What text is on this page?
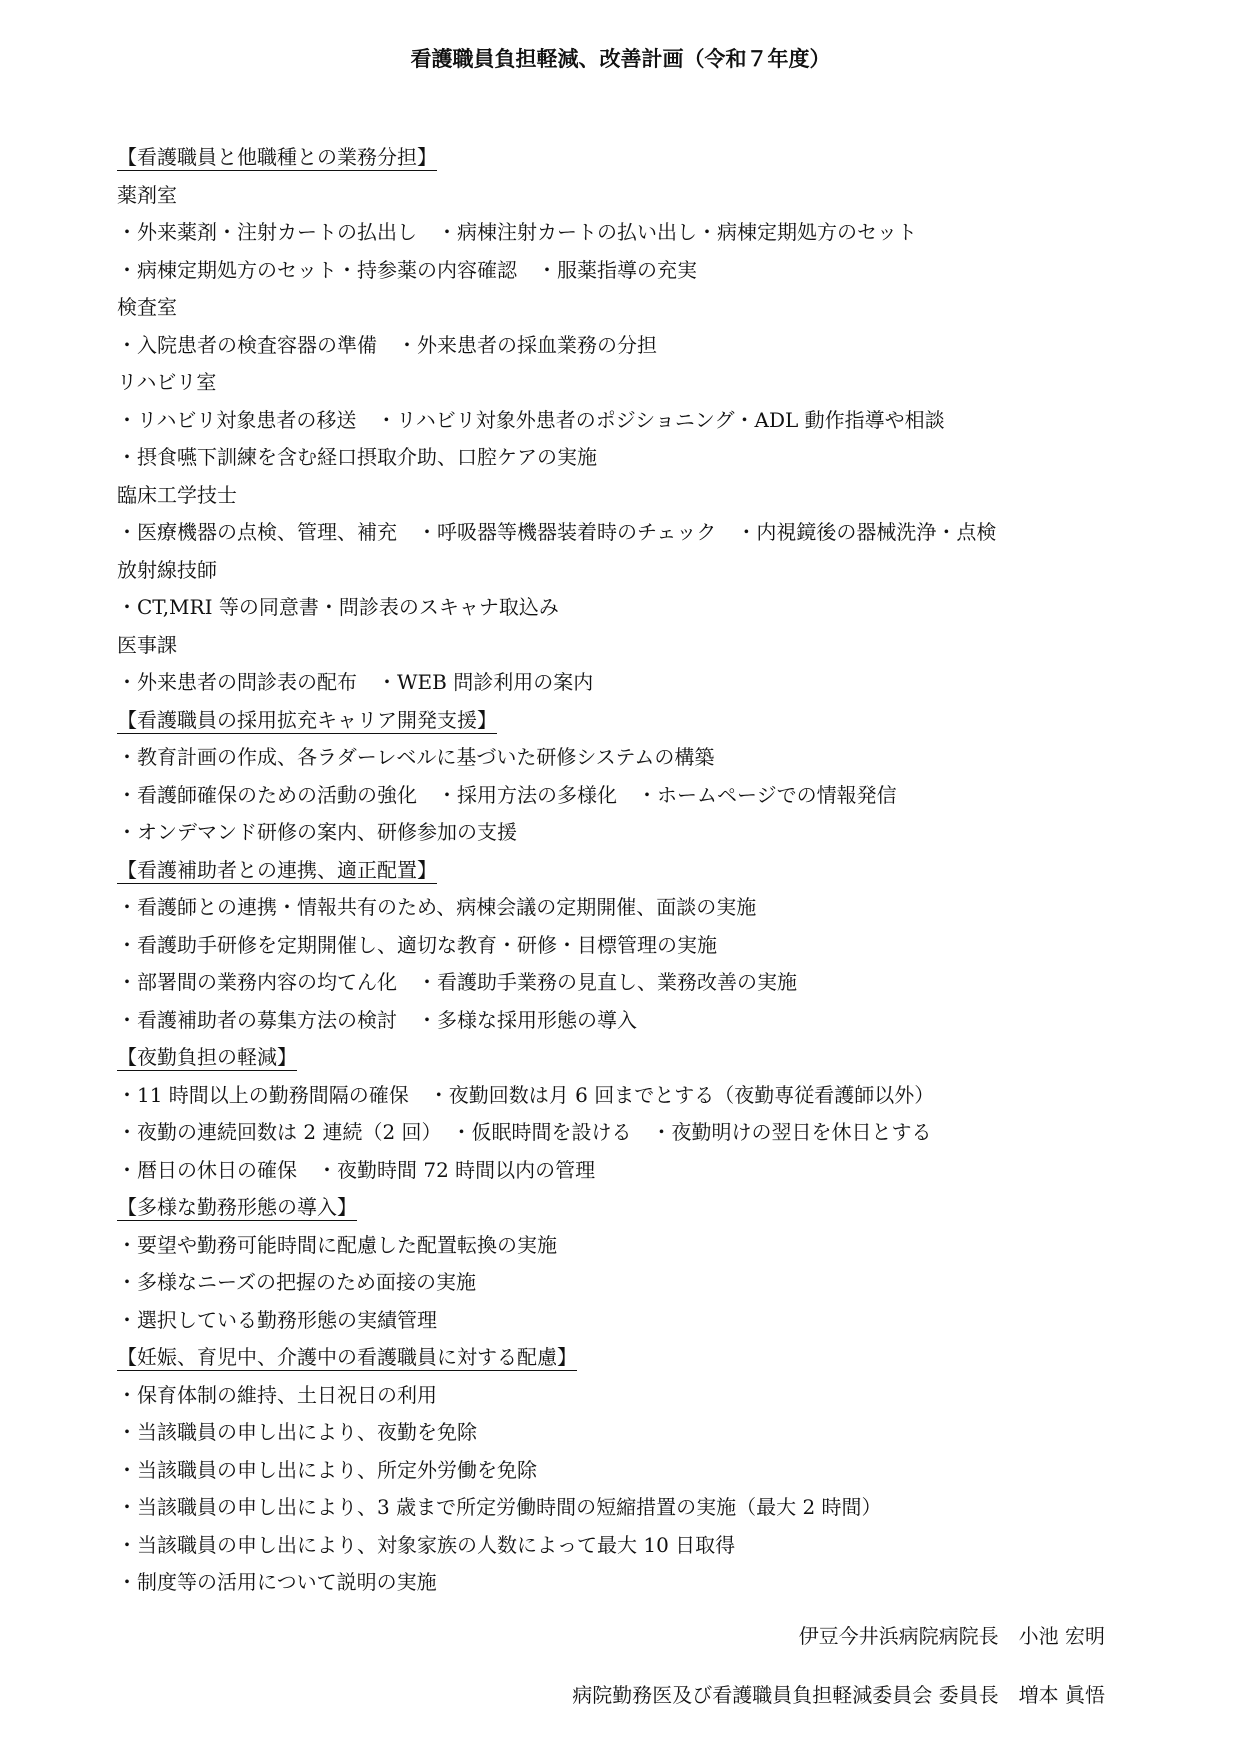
看護職員負担軽減、改善計画（令和７年度）
【看護職員と他職種との業務分担】
薬剤室
・外来薬剤・注射カートの払出し　・病棟注射カートの払い出し・病棟定期処方のセット
・病棟定期処方のセット・持参薬の内容確認　・服薬指導の充実
検査室
・入院患者の検査容器の準備　・外来患者の採血業務の分担
リハビリ室
・リハビリ対象患者の移送　・リハビリ対象外患者のポジショニング・ADL 動作指導や相談
・摂食嚥下訓練を含む経口摂取介助、口腔ケアの実施
臨床工学技士
・医療機器の点検、管理、補充　・呼吸器等機器装着時のチェック　・内視鏡後の器械洗浄・点検
放射線技師
・CT,MRI 等の同意書・問診表のスキャナ取込み
医事課
・外来患者の問診表の配布　・WEB 問診利用の案内
【看護職員の採用拡充キャリア開発支援】
・教育計画の作成、各ラダーレベルに基づいた研修システムの構築
・看護師確保のための活動の強化　・採用方法の多様化　・ホームページでの情報発信
・オンデマンド研修の案内、研修参加の支援
【看護補助者との連携、適正配置】
・看護師との連携・情報共有のため、病棟会議の定期開催、面談の実施
・看護助手研修を定期開催し、適切な教育・研修・目標管理の実施
・部署間の業務内容の均てん化　・看護助手業務の見直し、業務改善の実施
・看護補助者の募集方法の検討　・多様な採用形態の導入
【夜勤負担の軽減】
・11 時間以上の勤務間隔の確保　・夜勤回数は月 6 回までとする（夜勤専従看護師以外）
・夜勤の連続回数は 2 連続（2 回）　・仮眠時間を設ける　・夜勤明けの翌日を休日とする
・暦日の休日の確保　・夜勤時間 72 時間以内の管理
【多様な勤務形態の導入】
・要望や勤務可能時間に配慮した配置転換の実施
・多様なニーズの把握のため面接の実施
・選択している勤務形態の実績管理
【妊娠、育児中、介護中の看護職員に対する配慮】
・保育体制の維持、土日祝日の利用
・当該職員の申し出により、夜勤を免除
・当該職員の申し出により、所定外労働を免除
・当該職員の申し出により、3 歳まで所定労働時間の短縮措置の実施（最大 2 時間）
・当該職員の申し出により、対象家族の人数によって最大 10 日取得
・制度等の活用について説明の実施
伊豆今井浜病院病院長　小池 宏明
病院勤務医及び看護職員負担軽減委員会 委員長　増本 眞悟
